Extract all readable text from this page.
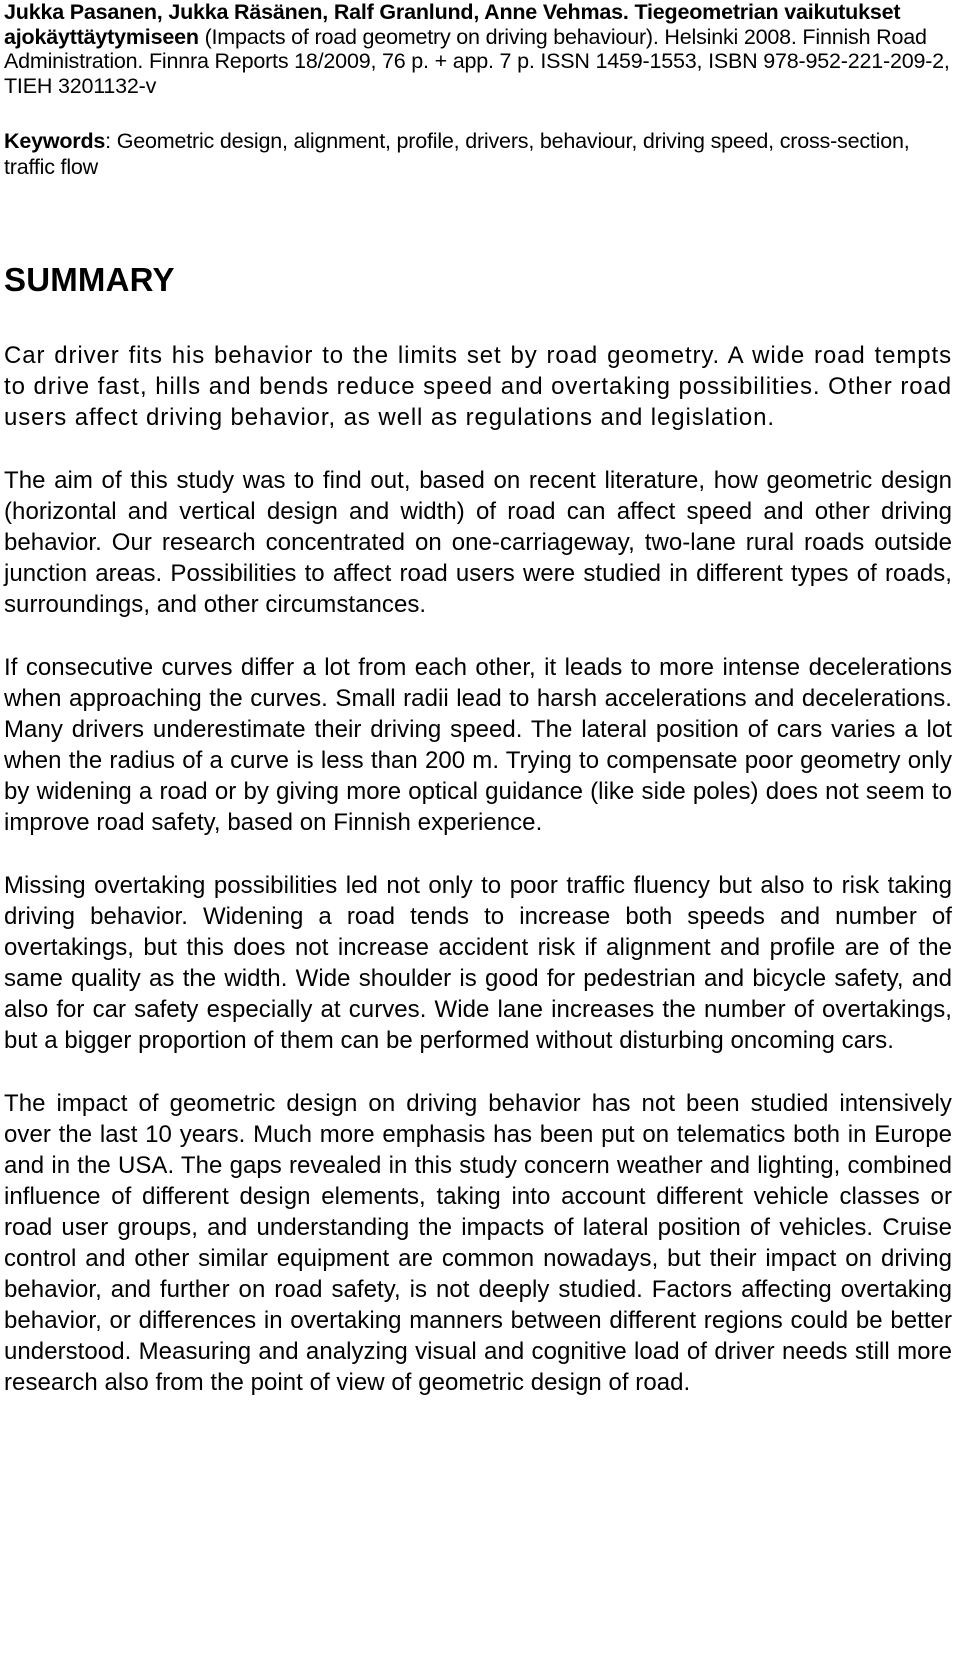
Jukka Pasanen, Jukka Räsänen, Ralf Granlund, Anne Vehmas. Tiegeometrian vaikutukset ajokäyttäytymiseen (Impacts of road geometry on driving behaviour). Helsinki 2008. Finnish Road Administration. Finnra Reports 18/2009, 76 p. + app. 7 p. ISSN 1459-1553, ISBN 978-952-221-209-2, TIEH 3201132-v
Keywords: Geometric design, alignment, profile, drivers, behaviour, driving speed, cross-section, traffic flow
SUMMARY

Car driver fits his behavior to the limits set by road geometry. A wide road tempts to drive fast, hills and bends reduce speed and overtaking possibilities. Other road users affect driving behavior, as well as regulations and legislation.

The aim of this study was to find out, based on recent literature, how geometric design (horizontal and vertical design and width) of road can affect speed and other driving behavior. Our research concentrated on one-carriageway, two-lane rural roads outside junction areas. Possibilities to affect road users were studied in different types of roads, surroundings, and other circumstances.

If consecutive curves differ a lot from each other, it leads to more intense decelerations when approaching the curves. Small radii lead to harsh accelerations and decelerations. Many drivers underestimate their driving speed. The lateral position of cars varies a lot when the radius of a curve is less than 200 m. Trying to compensate poor geometry only by widening a road or by giving more optical guidance (like side poles) does not seem to improve road safety, based on Finnish experience.

Missing overtaking possibilities led not only to poor traffic fluency but also to risk taking driving behavior. Widening a road tends to increase both speeds and number of overtakings, but this does not increase accident risk if alignment and profile are of the same quality as the width. Wide shoulder is good for pedestrian and bicycle safety, and also for car safety especially at curves. Wide lane increases the number of overtakings, but a bigger proportion of them can be performed without disturbing oncoming cars.

The impact of geometric design on driving behavior has not been studied intensively over the last 10 years. Much more emphasis has been put on telematics both in Europe and in the USA. The gaps revealed in this study concern weather and lighting, combined influence of different design elements, taking into account different vehicle classes or road user groups, and understanding the impacts of lateral position of vehicles. Cruise control and other similar equipment are common nowadays, but their impact on driving behavior, and further on road safety, is not deeply studied. Factors affecting overtaking behavior, or differences in overtaking manners between different regions could be better understood. Measuring and analyzing visual and cognitive load of driver needs still more research also from the point of view of geometric design of road.
